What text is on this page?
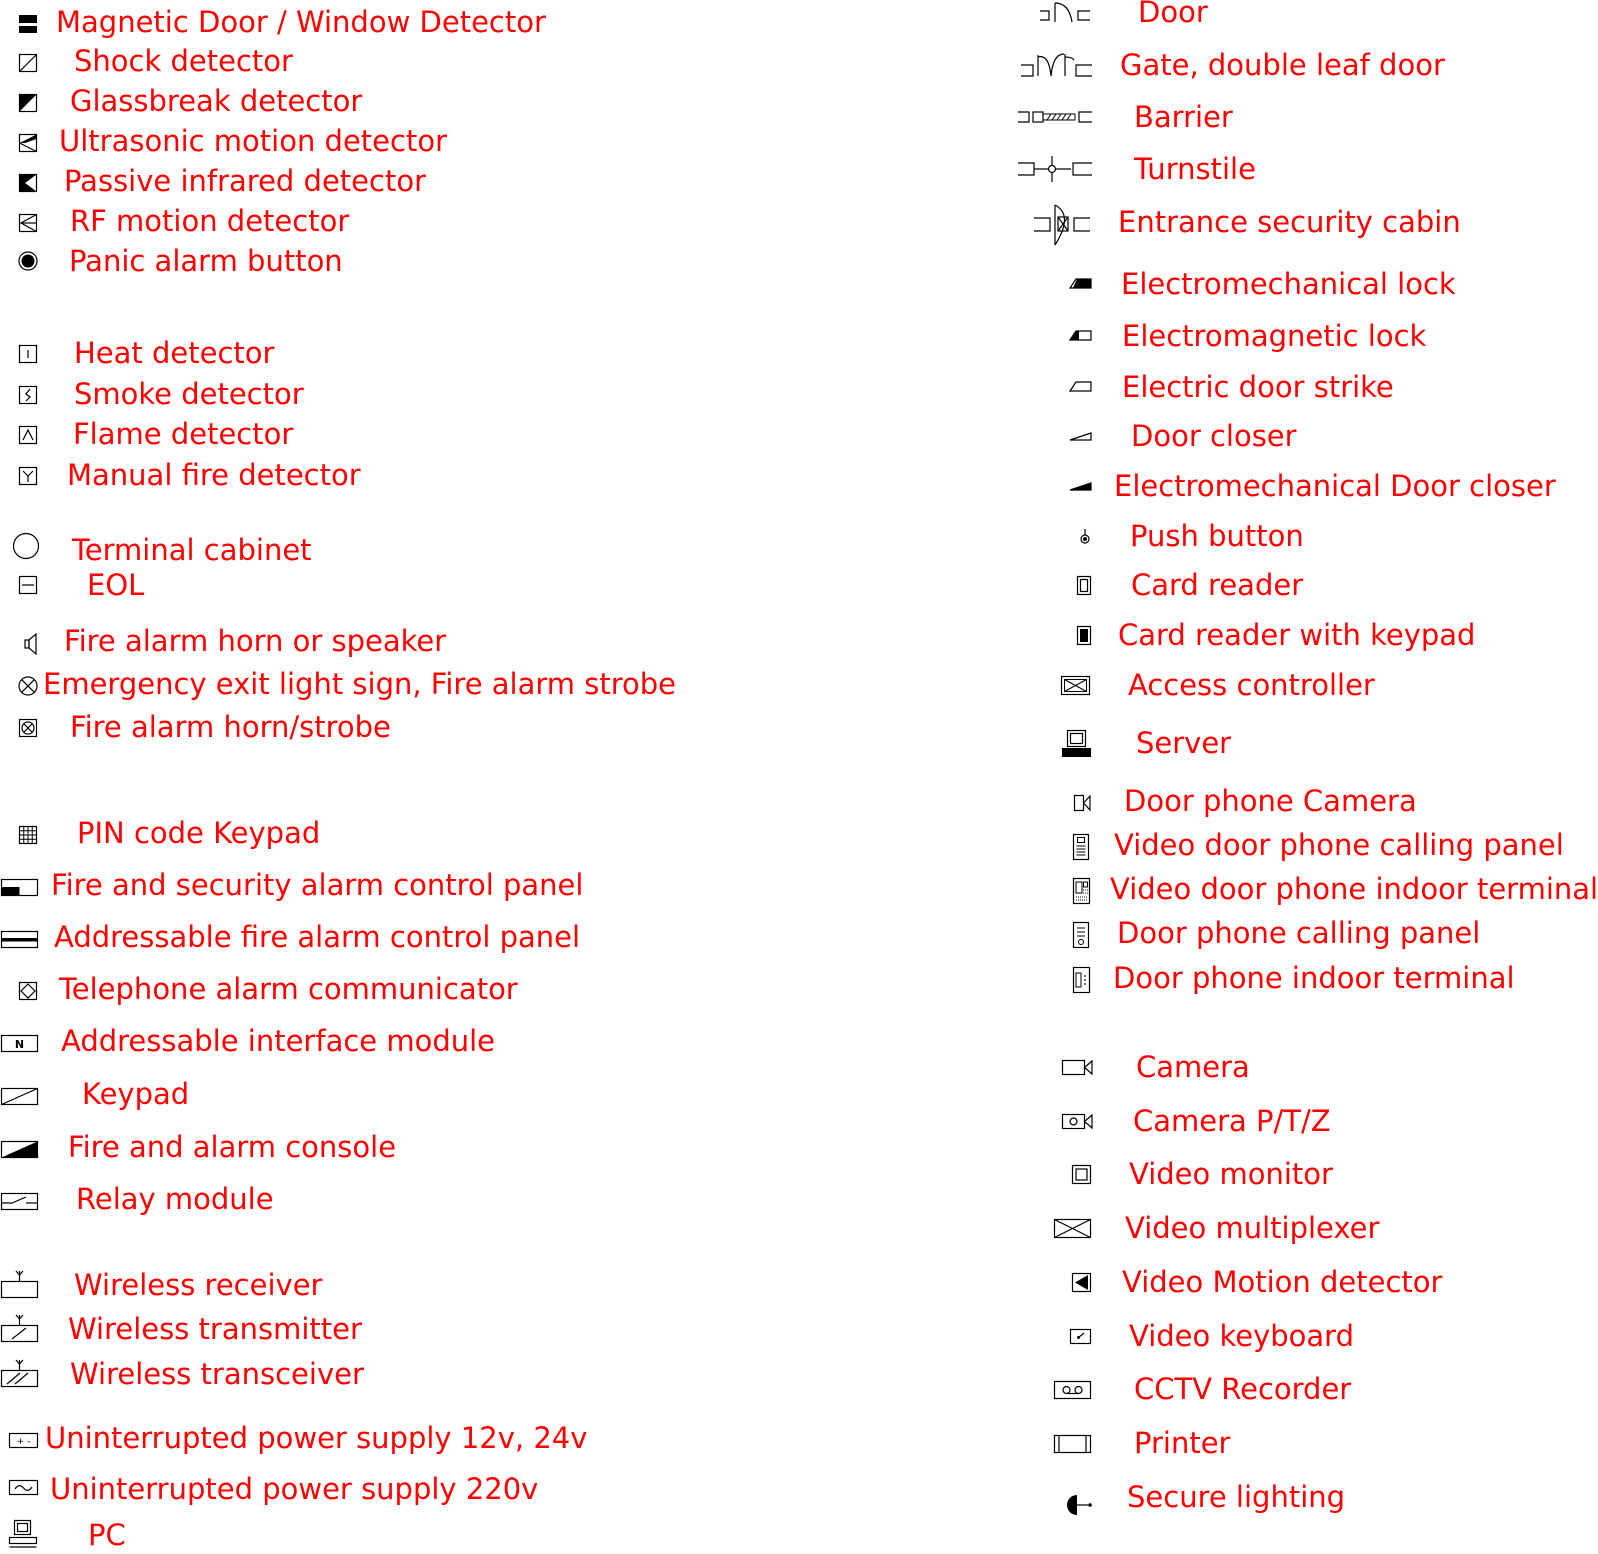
Magnetic Door / Window Detector
Shock detector
Glassbreak detector
Ultrasonic motion detector
Passive infrared detector
RF motion detector
Panic alarm button
Heat detector
Smoke detector
Flame detector
Manual fire detector
Terminal cabinet
EOL
Fire alarm horn or speaker
Emergency exit light sign, Fire alarm strobe
Fire alarm horn/strobe
PIN code Keypad
Fire and security alarm control panel
Addressable fire alarm control panel
Telephone alarm communicator
N Addressable interface module
Keypad
Fire and alarm console
Relay module
Wireless receiver
Wireless transmitter
Wireless transceiver
+ - Uninterrupted power supply 12v, 24v
Uninterrupted power supply 220v
PC
Door
Gate, double leaf door
Barrier
Turnstile
Entrance security cabin
Electromechanical lock
Electromagnetic lock
Electric door strike
Door closer
Electromechanical Door closer
Push button
Card reader
Card reader with keypad
Access controller
Server
Door phone Camera
Video door phone calling panel
Video door phone indoor terminal
Door phone calling panel
Door phone indoor terminal
Camera
Camera P/T/Z
Video monitor
Video multiplexer
Video Motion detector
Video keyboard
CCTV Recorder
Printer
Secure lighting
